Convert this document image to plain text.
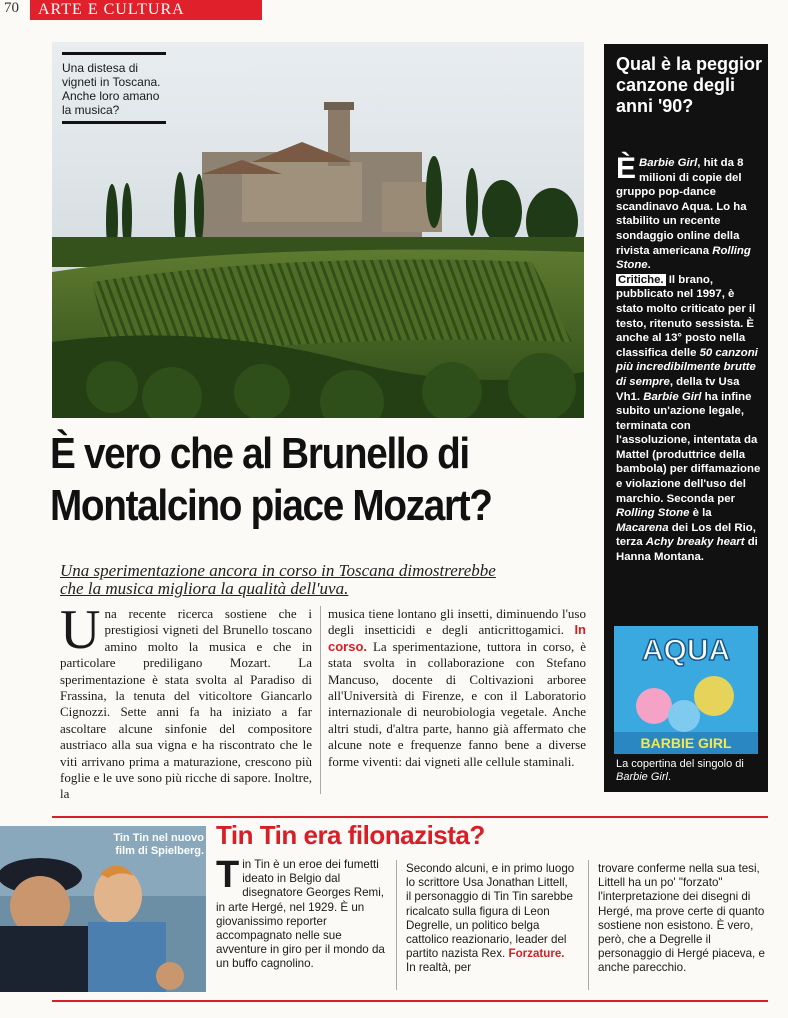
70	ARTE E CULTURA
Una distesa di vigneti in Toscana. Anche loro amano la musica?
È vero che al Brunello di
Montalcino piace Mozart?
Una sperimentazione ancora in corso in Toscana dimostrerebbe
che la musica migliora la qualità dell'uva.
Una recente ricerca sostiene che i prestigiosi vigneti del Brunello toscano amino molto la musica e che in particolare prediligano Mozart. La sperimentazione è stata svolta al Paradiso di Frassina, la tenuta del viticoltore Giancarlo Cignozzi. Sette anni fa ha iniziato a far ascoltare alcune sinfonie del compositore austriaco alla sua vigna e ha riscontrato che le viti arrivano prima a maturazione, crescono più foglie e le uve sono più ricche di sapore. Inoltre, la
musica tiene lontano gli insetti, diminuendo l'uso degli insetticidi e degli anticrittogamici. In corso. La sperimentazione, tuttora in corso, è stata svolta in collaborazione con Stefano Mancuso, docente di Coltivazioni arboree all'Università di Firenze, e con il Laboratorio internazionale di neurobiologia vegetale. Anche altri studi, d'altra parte, hanno già affermato che alcune note e frequenze fanno bene a diverse forme viventi: dai vigneti alle cellule staminali.
Qual è la peggior canzone degli anni '90?
È Barbie Girl, hit da 8 milioni di copie del gruppo pop-dance scandinavo Aqua. Lo ha stabilito un recente sondaggio online della rivista americana Rolling Stone.
Critiche. Il brano, pubblicato nel 1997, è stato molto criticato per il testo, ritenuto sessista. È anche al 13° posto nella classifica delle 50 canzoni più incredibilmente brutte di sempre, della tv Usa Vh1. Barbie Girl ha infine subito un'azione legale, terminata con l'assoluzione, intentata da Mattel (produttrice della bambola) per diffamazione e violazione dell'uso del marchio. Seconda per Rolling Stone è la Macarena dei Los del Rio, terza Achy breaky heart di Hanna Montana.
AQUA
BARBIE GIRL
La copertina del singolo di Barbie Girl.
Tin Tin nel nuovo film di Spielberg.
Tin Tin era filonazista?
Tin Tin è un eroe dei fumetti ideato in Belgio dal disegnatore Georges Remi, in arte Hergé, nel 1929. È un giovanissimo reporter accompagnato nelle sue avventure in giro per il mondo da un buffo cagnolino.
Secondo alcuni, e in primo luogo lo scrittore Usa Jonathan Littell, il personaggio di Tin Tin sarebbe ricalcato sulla figura di Leon Degrelle, un politico belga cattolico reazionario, leader del partito nazista Rex. Forzature. In realtà, per
trovare conferme nella sua tesi, Littell ha un po' "forzato" l'interpretazione dei disegni di Hergé, ma prove certe di quanto sostiene non esistono. È vero, però, che a Degrelle il personaggio di Hergé piaceva, e anche parecchio.
